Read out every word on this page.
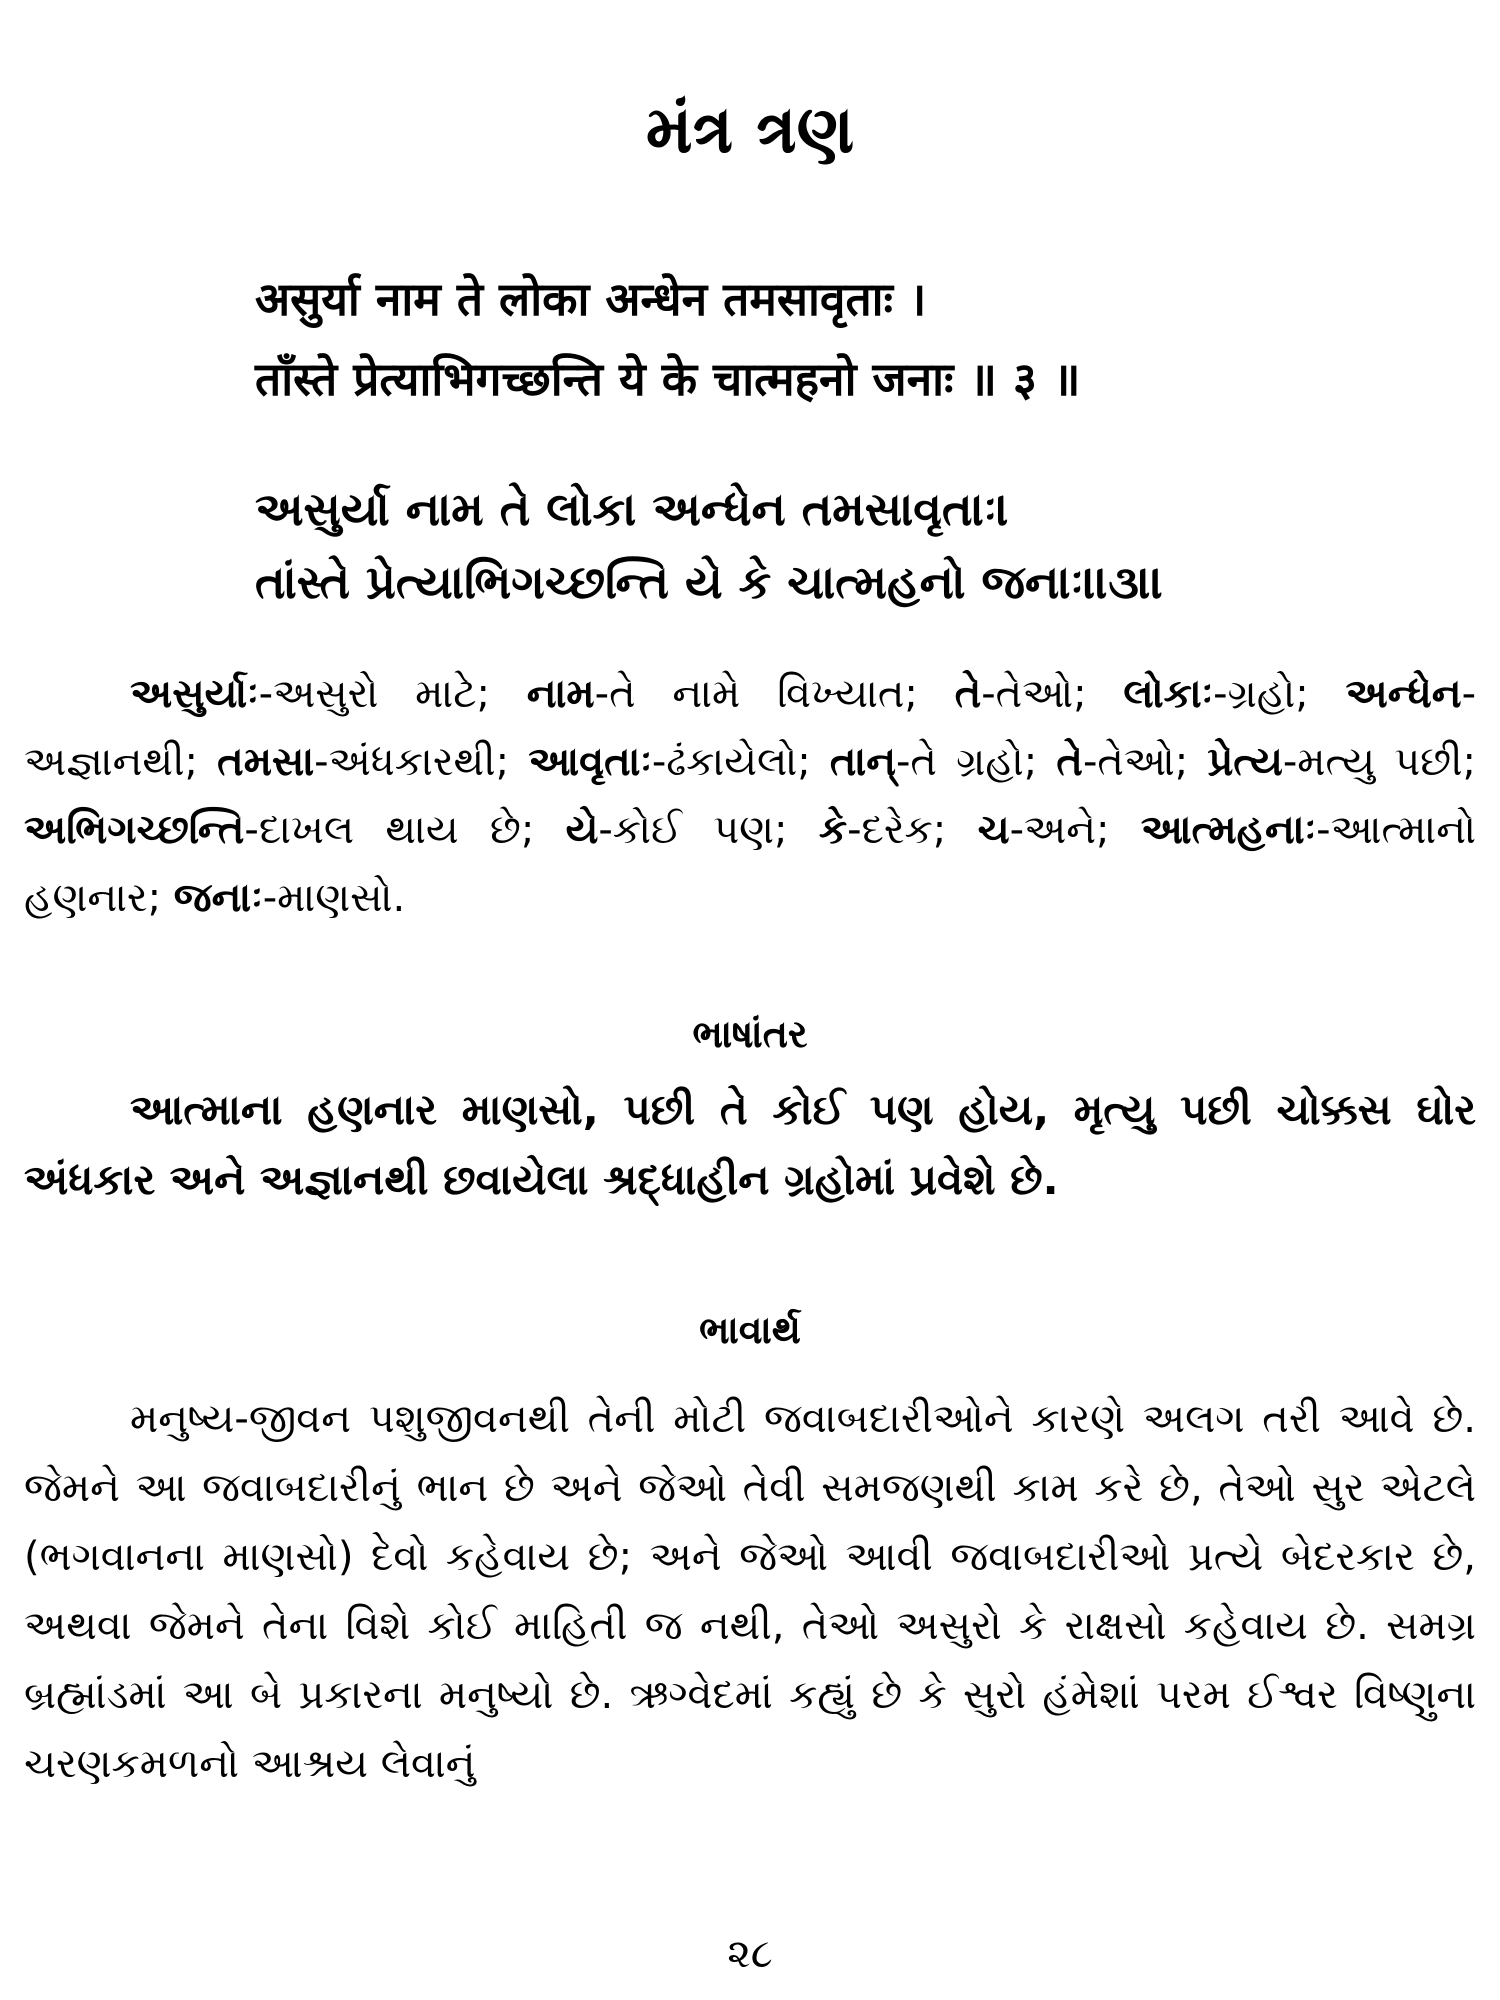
મંત્ર ત્રણ
असुर्या नाम ते लोका अन्धेन तमसावृताः ।
ताँस्ते प्रेत्याभिगच्छन्ति ये के चात्महनो जनाः ॥ ३ ॥
અસુર્યા નામ તે લોકા અન્ધેન તમસાવૃતાઃ।
તાંસ્તે પ્રેત્યાભિગચ્છન્તિ યે કે ચાત્મહનો જનાઃ।।૩।।
અસુર્યાઃ-અસુરો માટે; નામ-તે નામે વિખ્યાત; તે-તેઓ; લોકાઃ-ગ્રહો; અન્ધેન-અજ્ઞાનથી; તમસા-અંધકારથી; આવૃતાઃ-ઢંકાયેલો; તાન્-તે ગ્રહો; તે-તેઓ; પ્રેત્ય-મત્યુ પછી; અભિગચ્છન્તિ-દાખલ થાય છે; યે-કોઈ પણ; કે-દરેક; ચ-અને; આત્મહનાઃ-આત્માનો હણનાર; જનાઃ-માણસો.
ભાષાંતર
આત્માના હણનાર માણસો, પછી તે કોઈ પણ હોય, મૃત્યુ પછી ચોક્કસ ઘોર અંધકાર અને અજ્ઞાનથી છવાયેલા શ્રદ્ધાહીન ગ્રહોમાં પ્રવેશે છે.
ભાવાર્થ
મનુષ્ય-જીવન પશુજીવનથી તેની મોટી જવાબદારીઓને કારણે અલગ તરી આવે છે. જેમને આ જવાબદારીનું ભાન છે અને જેઓ તેવી સમજણથી કામ કરે છે, તેઓ સુર એટલે (ભગવાનના માણસો) દેવો કહેવાય છે; અને જેઓ આવી જવાબદારીઓ પ્રત્યે બેદરકાર છે, અથવા જેમને તેના વિશે કોઈ માહિતી જ નથી, તેઓ અસુરો કે રાક્ષસો કહેવાય છે. સમગ્ર બ્રહ્માંડમાં આ બે પ્રકારના મનુષ્યો છે. ઋગ્વેદમાં કહ્યું છે કે સુરો હંમેશાં પરમ ઈશ્વર વિષ્ણુના ચરણકમળનો આશ્રય લેવાનું
૨૮
